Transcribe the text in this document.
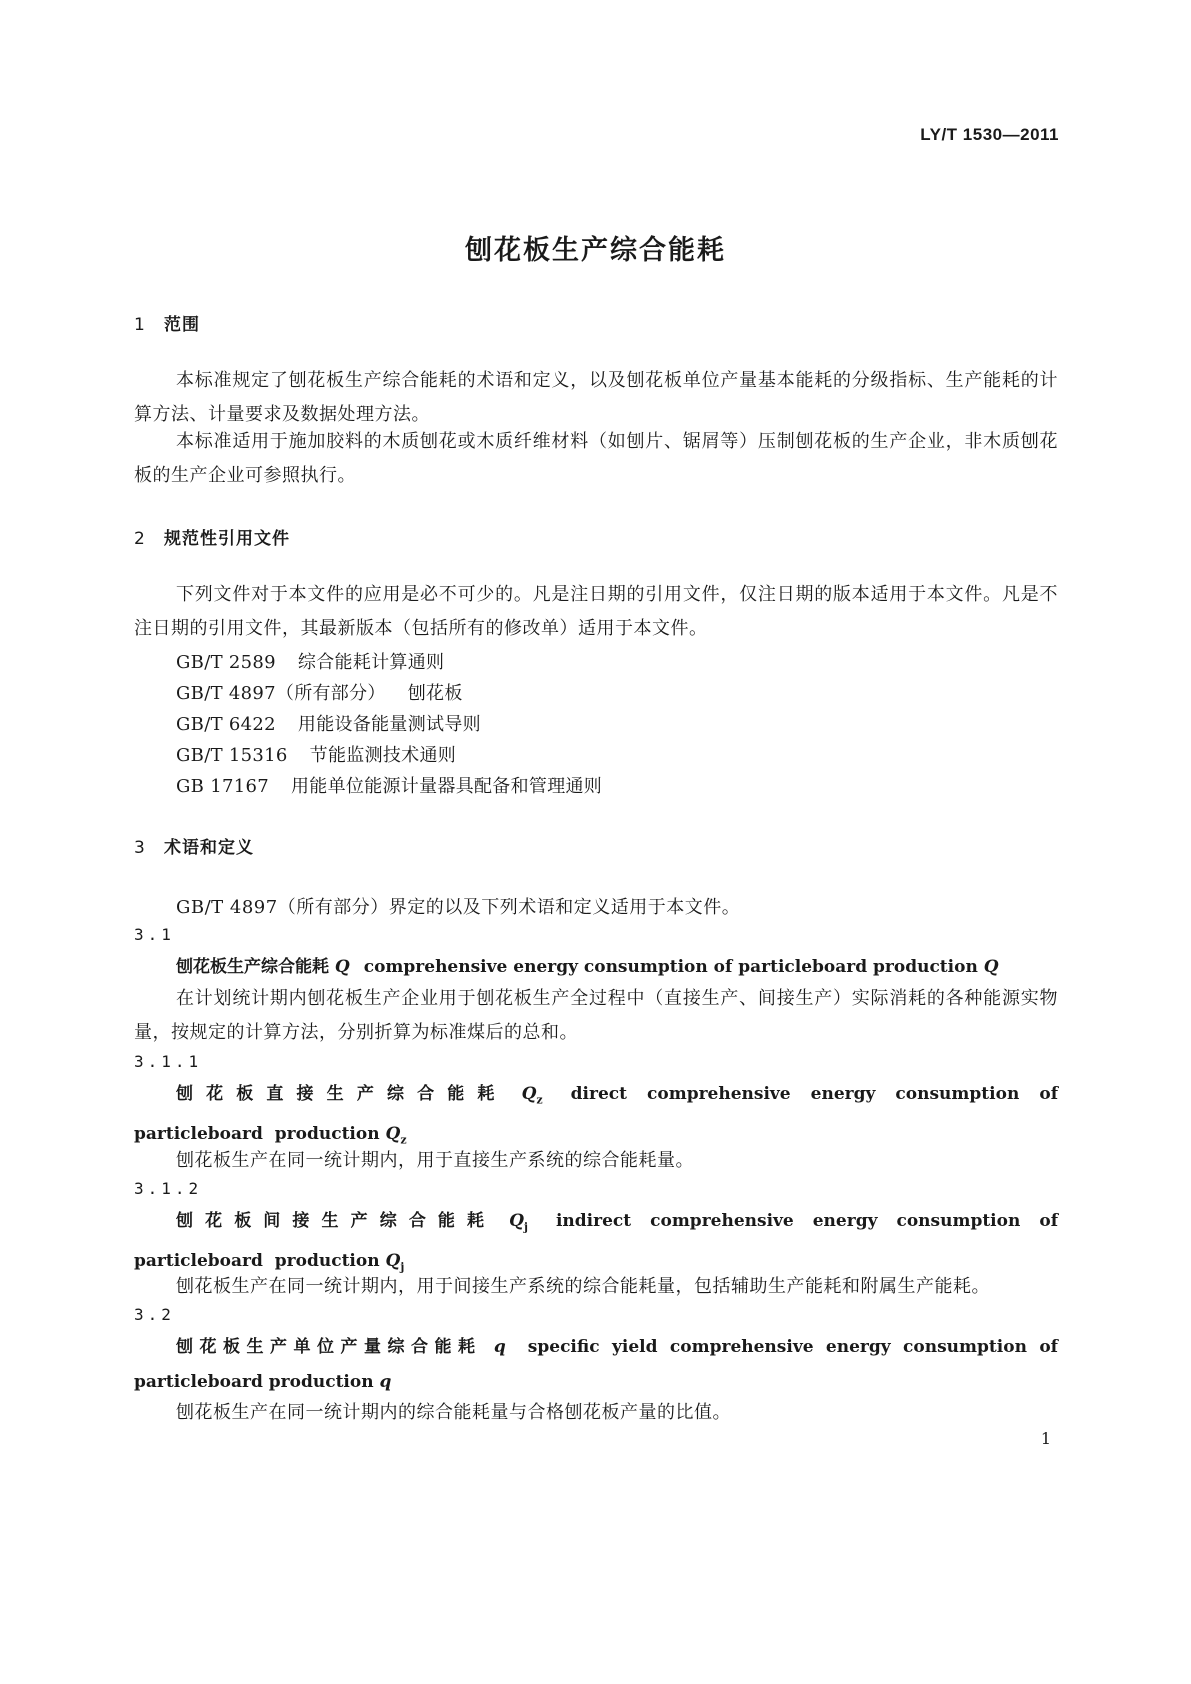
LY/T 1530—2011
刨花板生产综合能耗
1 范围
本标准规定了刨花板生产综合能耗的术语和定义，以及刨花板单位产量基本能耗的分级指标、生产能耗的计算方法、计量要求及数据处理方法。
本标准适用于施加胶料的木质刨花或木质纤维材料（如刨片、锯屑等）压制刨花板的生产企业，非木质刨花板的生产企业可参照执行。
2 规范性引用文件
下列文件对于本文件的应用是必不可少的。凡是注日期的引用文件，仅注日期的版本适用于本文件。凡是不注日期的引用文件，其最新版本（包括所有的修改单）适用于本文件。
GB/T 2589 综合能耗计算通则
GB/T 4897（所有部分） 刨花板
GB/T 6422 用能设备能量测试导则
GB/T 15316 节能监测技术通则
GB 17167 用能单位能源计量器具配备和管理通则
3 术语和定义
GB/T 4897（所有部分）界定的以及下列术语和定义适用于本文件。
3.1
刨花板生产综合能耗 Q comprehensive energy consumption of particleboard production Q
在计划统计期内刨花板生产企业用于刨花板生产全过程中（直接生产、间接生产）实际消耗的各种能源实物量，按规定的计算方法，分别折算为标准煤后的总和。
3.1.1
刨花板直接生产综合能耗 $Q_z$ direct comprehensive energy consumption of particleboard production $Q_z$
刨花板生产在同一统计期内，用于直接生产系统的综合能耗量。
3.1.2
刨花板间接生产综合能耗 $Q_j$ indirect comprehensive energy consumption of particleboard production $Q_j$
刨花板生产在同一统计期内，用于间接生产系统的综合能耗量，包括辅助生产能耗和附属生产能耗。
3.2
刨花板生产单位产量综合能耗 q specific yield comprehensive energy consumption of particleboard production q
刨花板生产在同一统计期内的综合能耗量与合格刨花板产量的比值。
1
